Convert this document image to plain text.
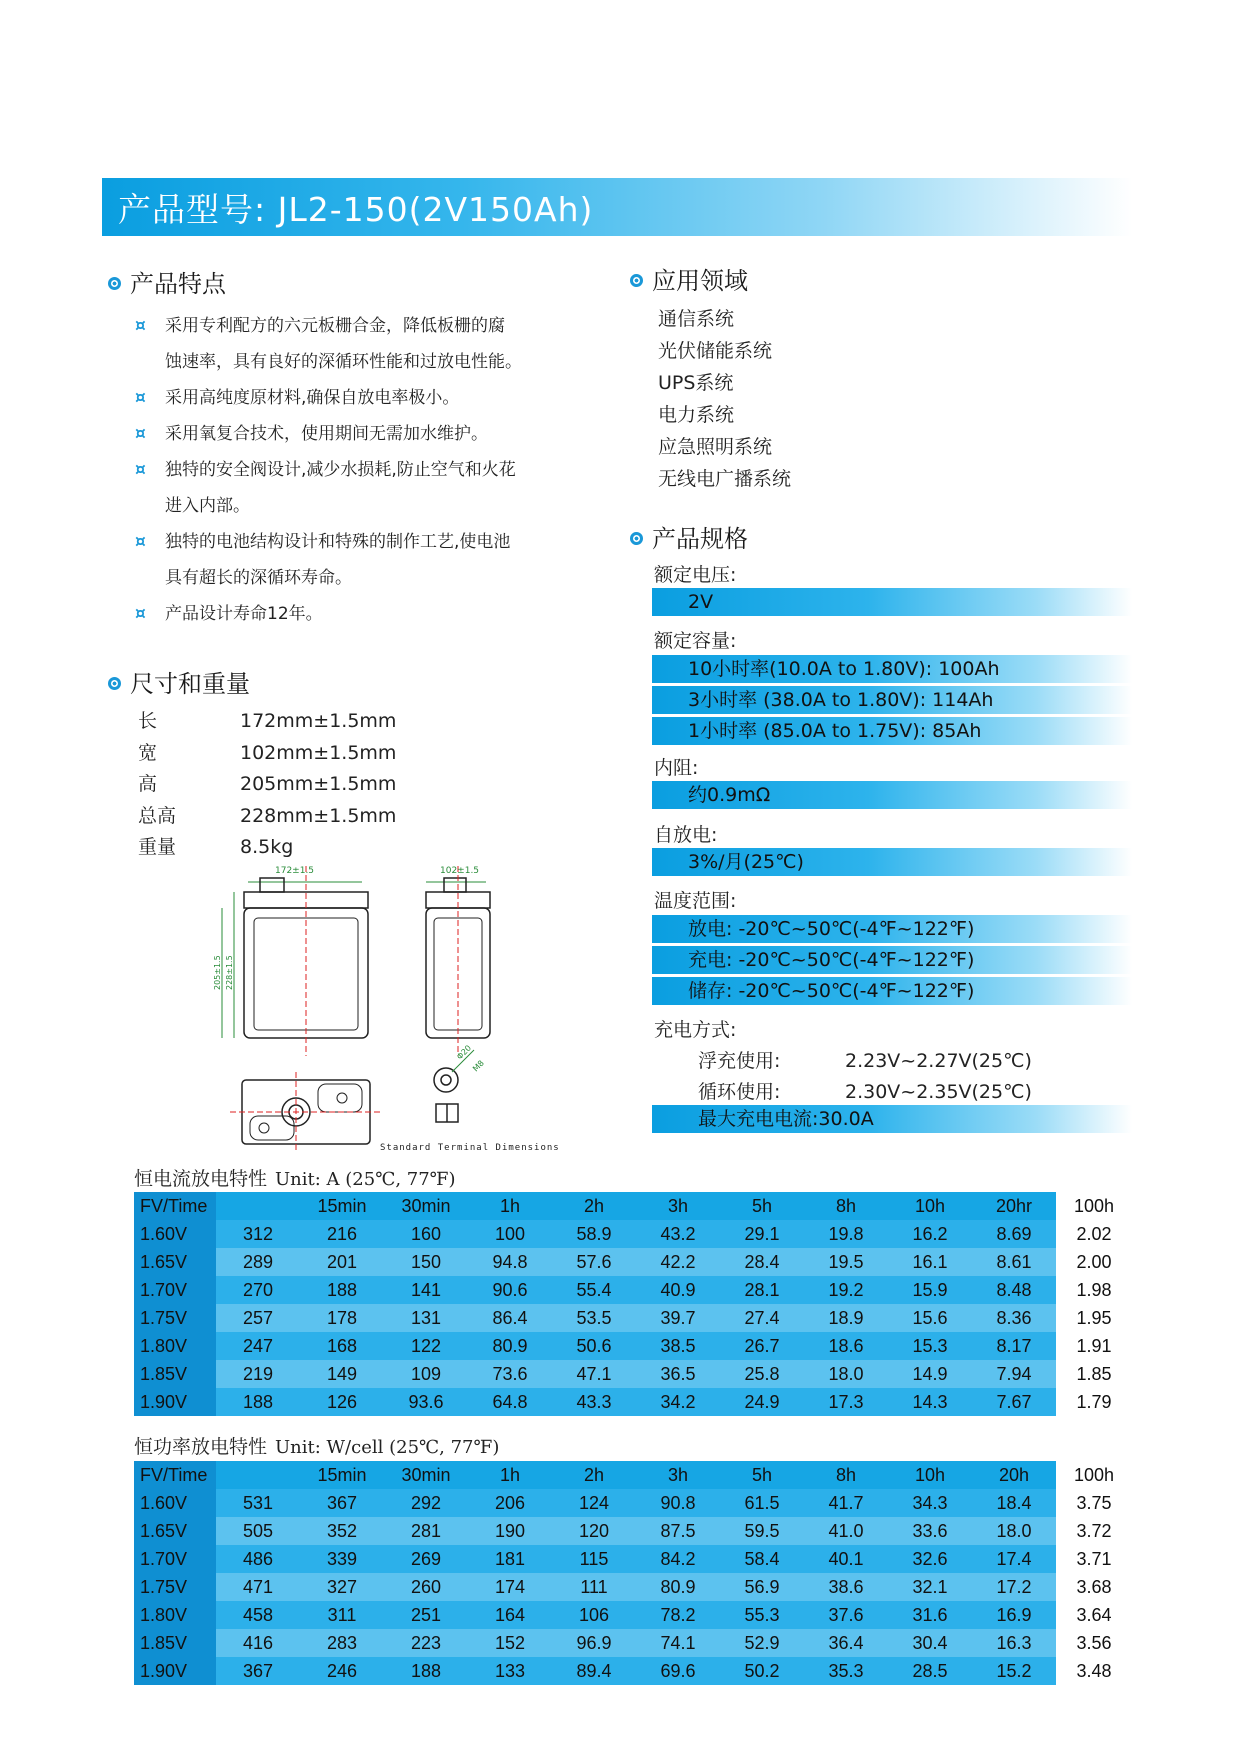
产品型号: JL2-150(2V150Ah)
产品特点
¤ 采用专利配方的六元板栅合金，降低板栅的腐
蚀速率，具有良好的深循环性能和过放电性能。
¤ 采用高纯度原材料,确保自放电率极小。
¤ 采用氧复合技术，使用期间无需加水维护。
¤ 独特的安全阀设计,减少水损耗,防止空气和火花
进入内部。
¤ 独特的电池结构设计和特殊的制作工艺,使电池
具有超长的深循环寿命。
¤ 产品设计寿命12年。
应用领域
通信系统
光伏储能系统
UPS系统
电力系统
应急照明系统
无线电广播系统
尺寸和重量
长	172mm±1.5mm
宽	102mm±1.5mm
高	205mm±1.5mm
总高	228mm±1.5mm
重量	8.5kg
172±1.5
205±1.5 228±1.5
102±1.5
Φ20
M8
Standard Terminal Dimensions
产品规格
额定电压:
2V
额定容量:
10小时率(10.0A to 1.80V): 100Ah
3小时率 (38.0A to 1.80V): 114Ah
1小时率 (85.0A to 1.75V): 85Ah
内阻:
约0.9mΩ
自放电:
3%/月(25℃)
温度范围:
放电: -20℃~50℃(-4℉~122℉)
充电: -20℃~50℃(-4℉~122℉)
储存: -20℃~50℃(-4℉~122℉)
充电方式:
浮充使用:	2.23V~2.27V(25℃)
循环使用:	2.30V~2.35V(25℃)
最大充电电流:30.0A
恒电流放电特性 Unit: A (25℃, 77℉)
FV/Time		15min	30min	1h	2h	3h	5h	8h	10h	20hr	100h
1.60V	312	216	160	100	58.9	43.2	29.1	19.8	16.2	8.69	2.02
1.65V	289	201	150	94.8	57.6	42.2	28.4	19.5	16.1	8.61	2.00
1.70V	270	188	141	90.6	55.4	40.9	28.1	19.2	15.9	8.48	1.98
1.75V	257	178	131	86.4	53.5	39.7	27.4	18.9	15.6	8.36	1.95
1.80V	247	168	122	80.9	50.6	38.5	26.7	18.6	15.3	8.17	1.91
1.85V	219	149	109	73.6	47.1	36.5	25.8	18.0	14.9	7.94	1.85
1.90V	188	126	93.6	64.8	43.3	34.2	24.9	17.3	14.3	7.67	1.79
恒功率放电特性 Unit: W/cell (25℃, 77℉)
FV/Time		15min	30min	1h	2h	3h	5h	8h	10h	20h	100h
1.60V	531	367	292	206	124	90.8	61.5	41.7	34.3	18.4	3.75
1.65V	505	352	281	190	120	87.5	59.5	41.0	33.6	18.0	3.72
1.70V	486	339	269	181	115	84.2	58.4	40.1	32.6	17.4	3.71
1.75V	471	327	260	174	111	80.9	56.9	38.6	32.1	17.2	3.68
1.80V	458	311	251	164	106	78.2	55.3	37.6	31.6	16.9	3.64
1.85V	416	283	223	152	96.9	74.1	52.9	36.4	30.4	16.3	3.56
1.90V	367	246	188	133	89.4	69.6	50.2	35.3	28.5	15.2	3.48
